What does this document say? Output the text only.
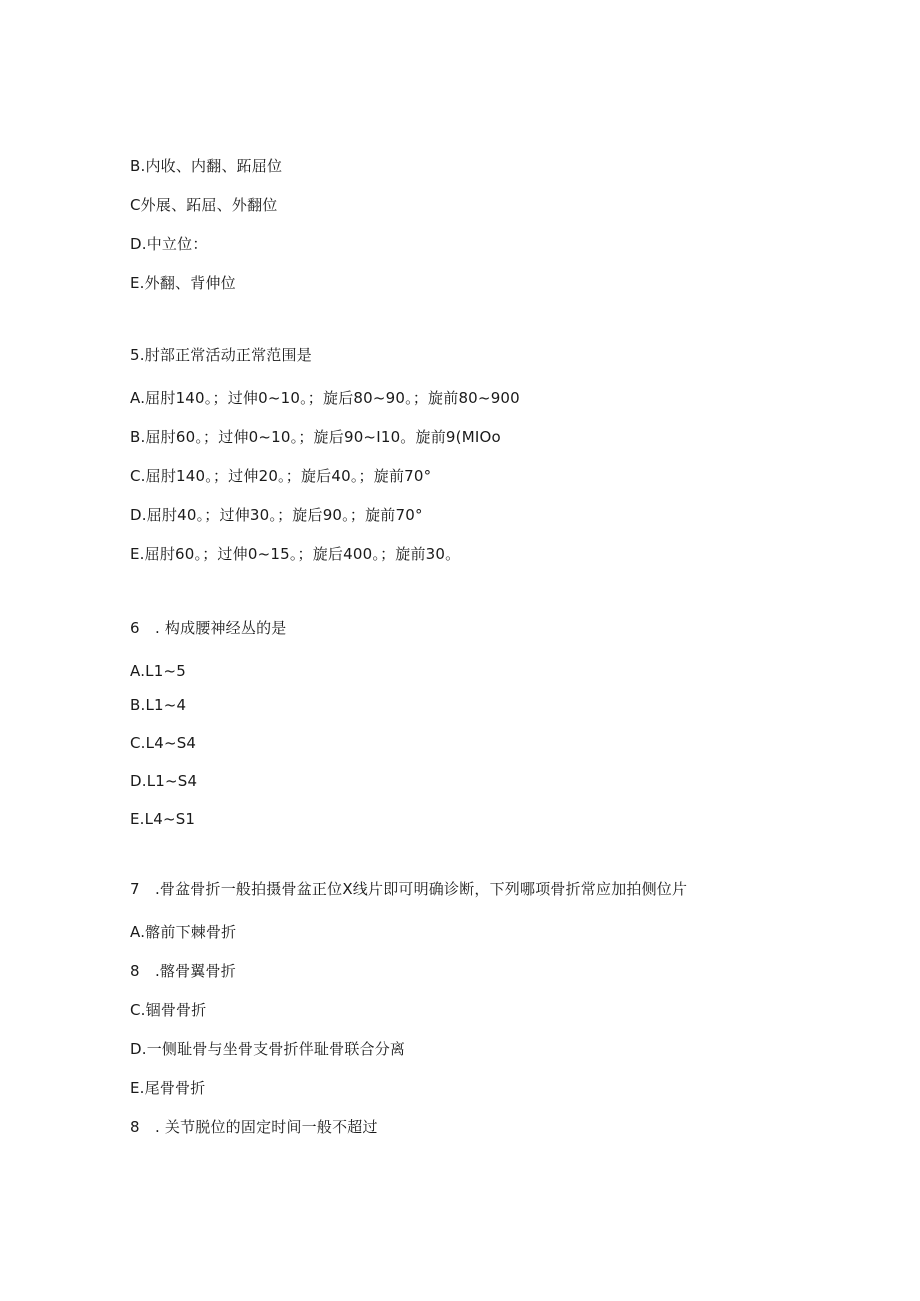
B.内收、内翻、跖屈位
C外展、跖屈、外翻位
D.中立位：
E.外翻、背伸位
5.肘部正常活动正常范围是
A.屈肘140。；过伸0~10。；旋后80~90。；旋前80~900
B.屈肘60。；过伸0~10。；旋后90~I10。旋前9(MIOo
C.屈肘140。；过伸20。；旋后40。；旋前70°
D.屈肘40。；过伸30。；旋后90。；旋前70°
E.屈肘60。；过伸0~15。；旋后400。；旋前30。
6　. 构成腰神经丛的是
A.L1~5
B.L1~4
C.L4~S4
D.L1~S4
E.L4~S1
7　.骨盆骨折一般拍摄骨盆正位X线片即可明确诊断，下列哪项骨折常应加拍侧位片
A.髂前下棘骨折
8　.髂骨翼骨折
C.锢骨骨折
D.一侧耻骨与坐骨支骨折伴耻骨联合分离
E.尾骨骨折
8　. 关节脱位的固定时间一般不超过
